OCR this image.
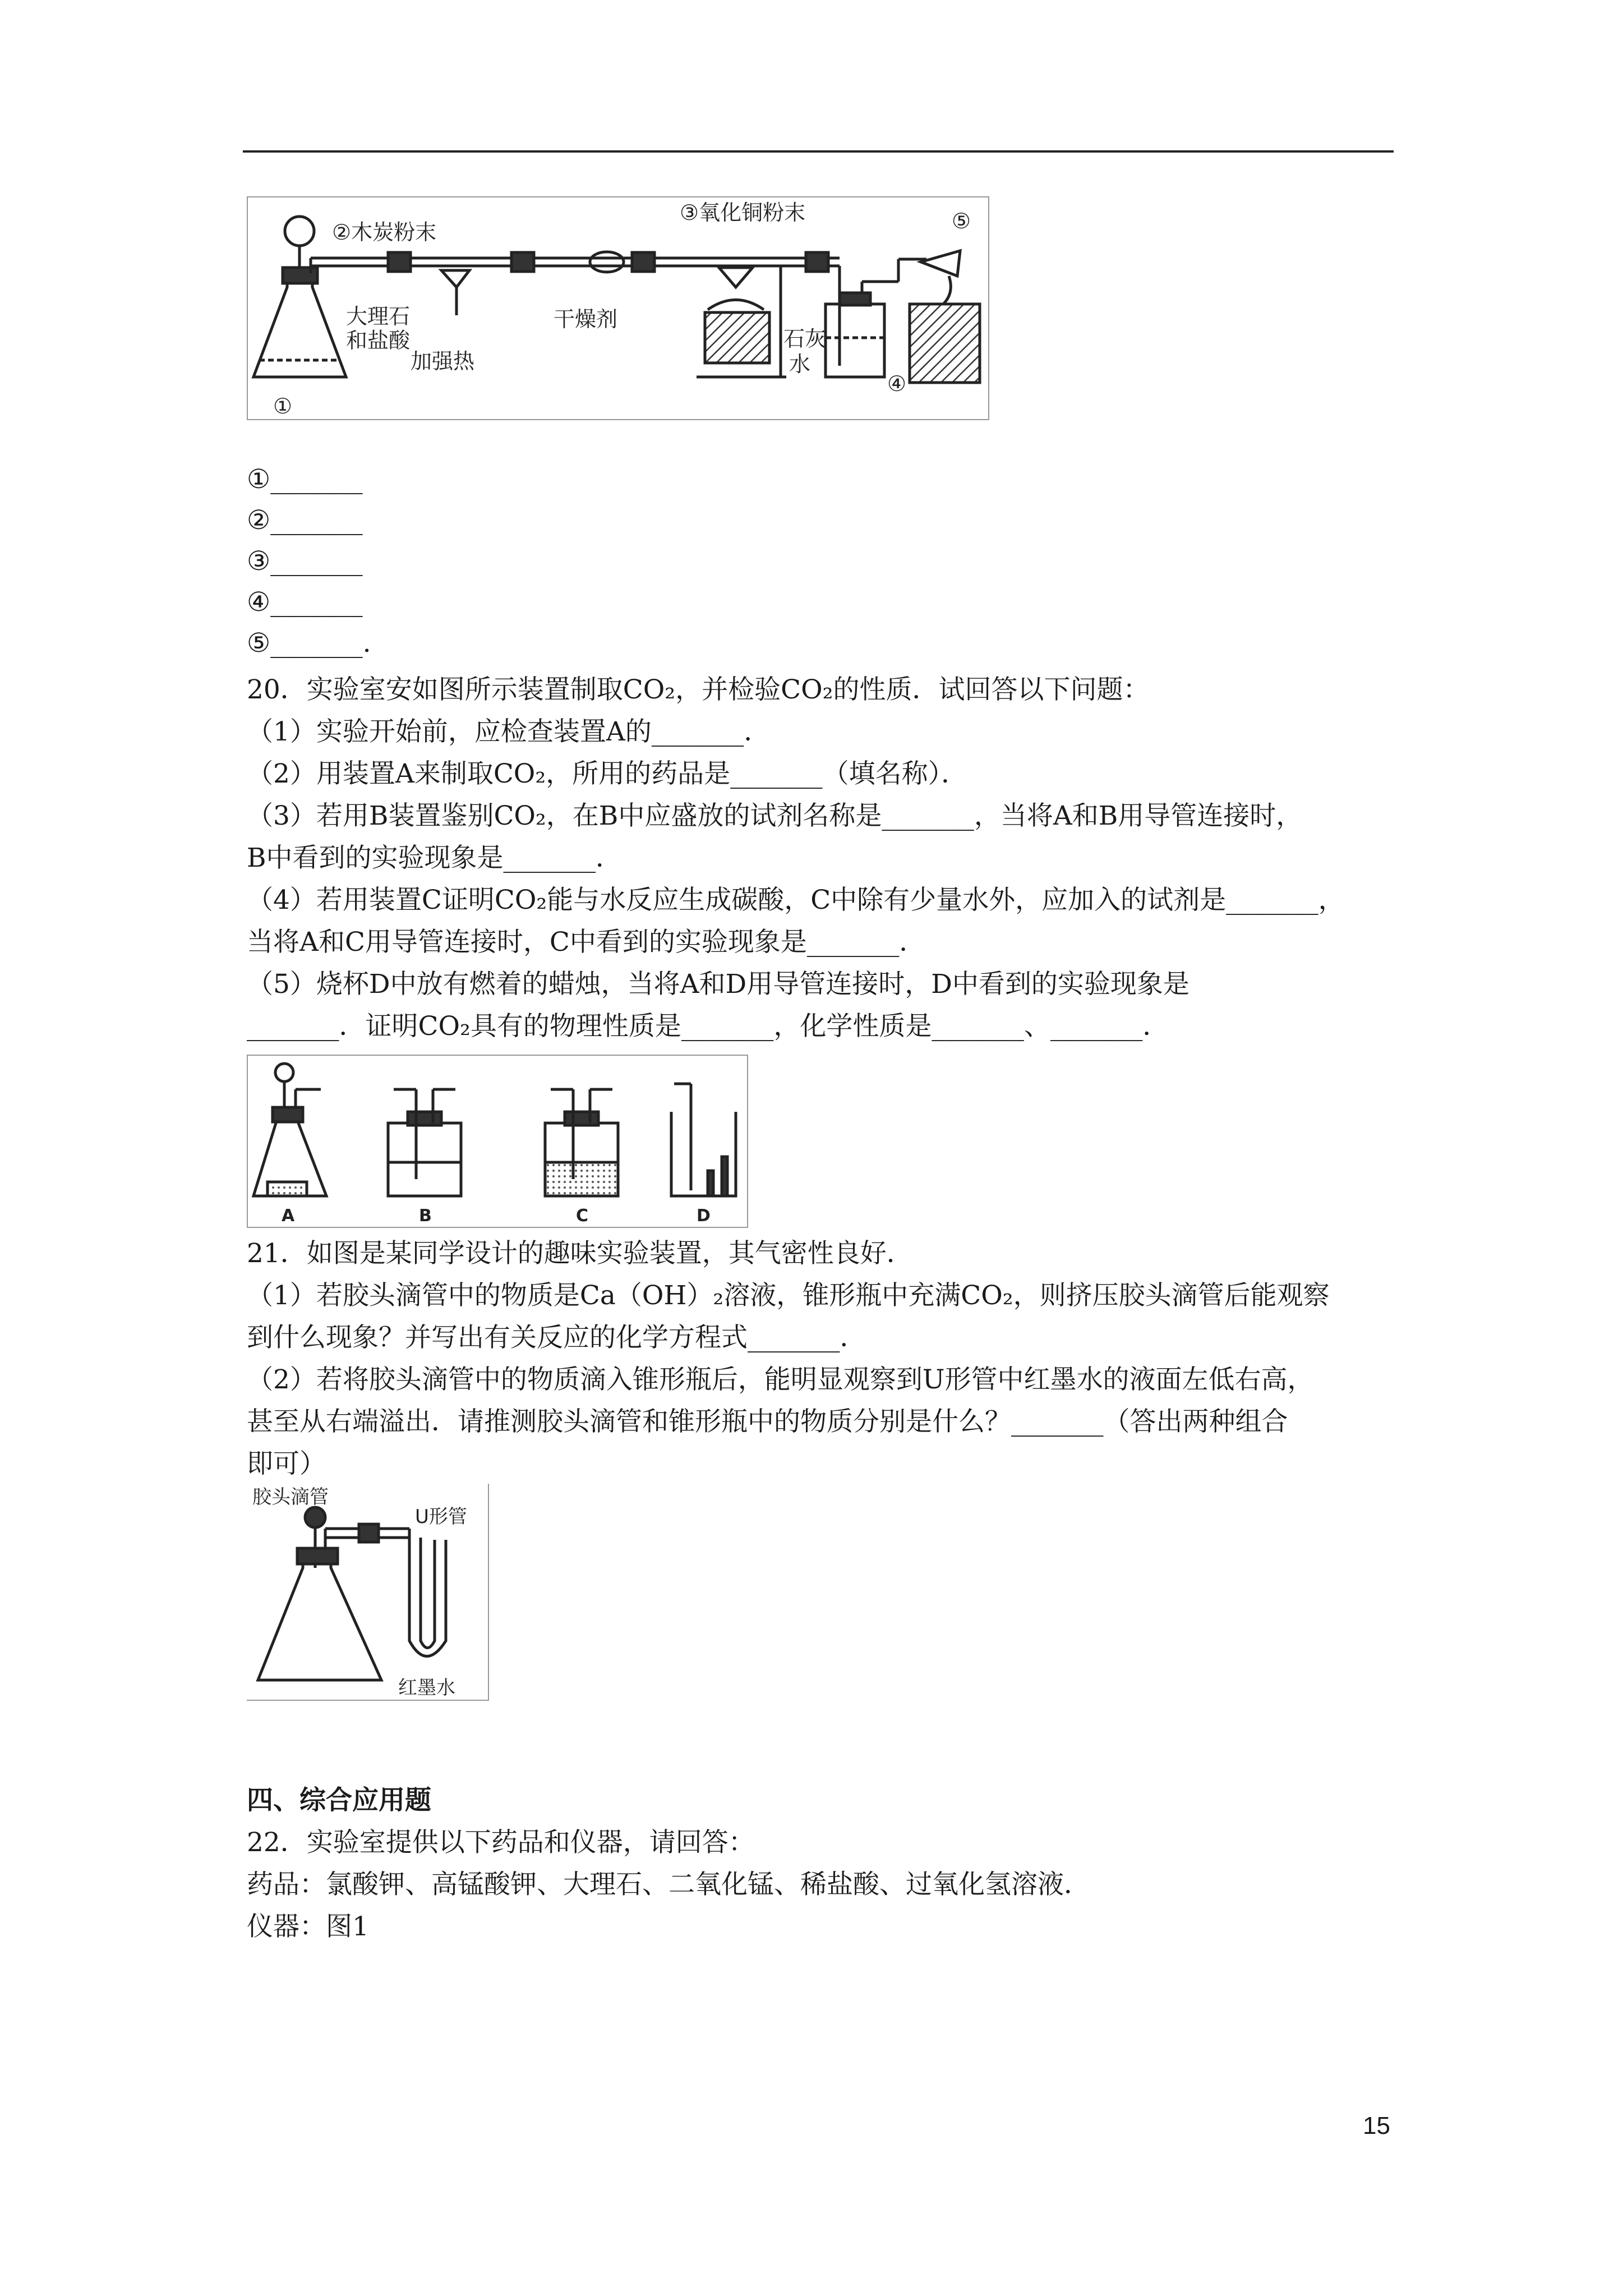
②木炭粉末
③氧化铜粉末
大理石
和盐酸
加强热
干燥剂
石灰
水
①
④
⑤
①_______
②_______
③_______
④_______
⑤_______.
20．实验室安如图所示装置制取CO₂，并检验CO₂的性质．试回答以下问题：
（1）实验开始前，应检查装置A的_______．
（2）用装置A来制取CO₂，所用的药品是_______（填名称）．
（3）若用B装置鉴别CO₂，在B中应盛放的试剂名称是_______，当将A和B用导管连接时，
B中看到的实验现象是_______．
（4）若用装置C证明CO₂能与水反应生成碳酸，C中除有少量水外，应加入的试剂是_______，
当将A和C用导管连接时，C中看到的实验现象是_______．
（5）烧杯D中放有燃着的蜡烛，当将A和D用导管连接时，D中看到的实验现象是
_______．证明CO₂具有的物理性质是_______，化学性质是_______、_______．
A	B	C	D
21．如图是某同学设计的趣味实验装置，其气密性良好．
（1）若胶头滴管中的物质是Ca（OH）₂溶液，锥形瓶中充满CO₂，则挤压胶头滴管后能观察
到什么现象？并写出有关反应的化学方程式_______．
（2）若将胶头滴管中的物质滴入锥形瓶后，能明显观察到U形管中红墨水的液面左低右高，
甚至从右端溢出．请推测胶头滴管和锥形瓶中的物质分别是什么？_______（答出两种组合
即可）
胶头滴管
U形管
红墨水
四、综合应用题
22．实验室提供以下药品和仪器，请回答：
药品：氯酸钾、高锰酸钾、大理石、二氧化锰、稀盐酸、过氧化氢溶液．
仪器：图1
15
